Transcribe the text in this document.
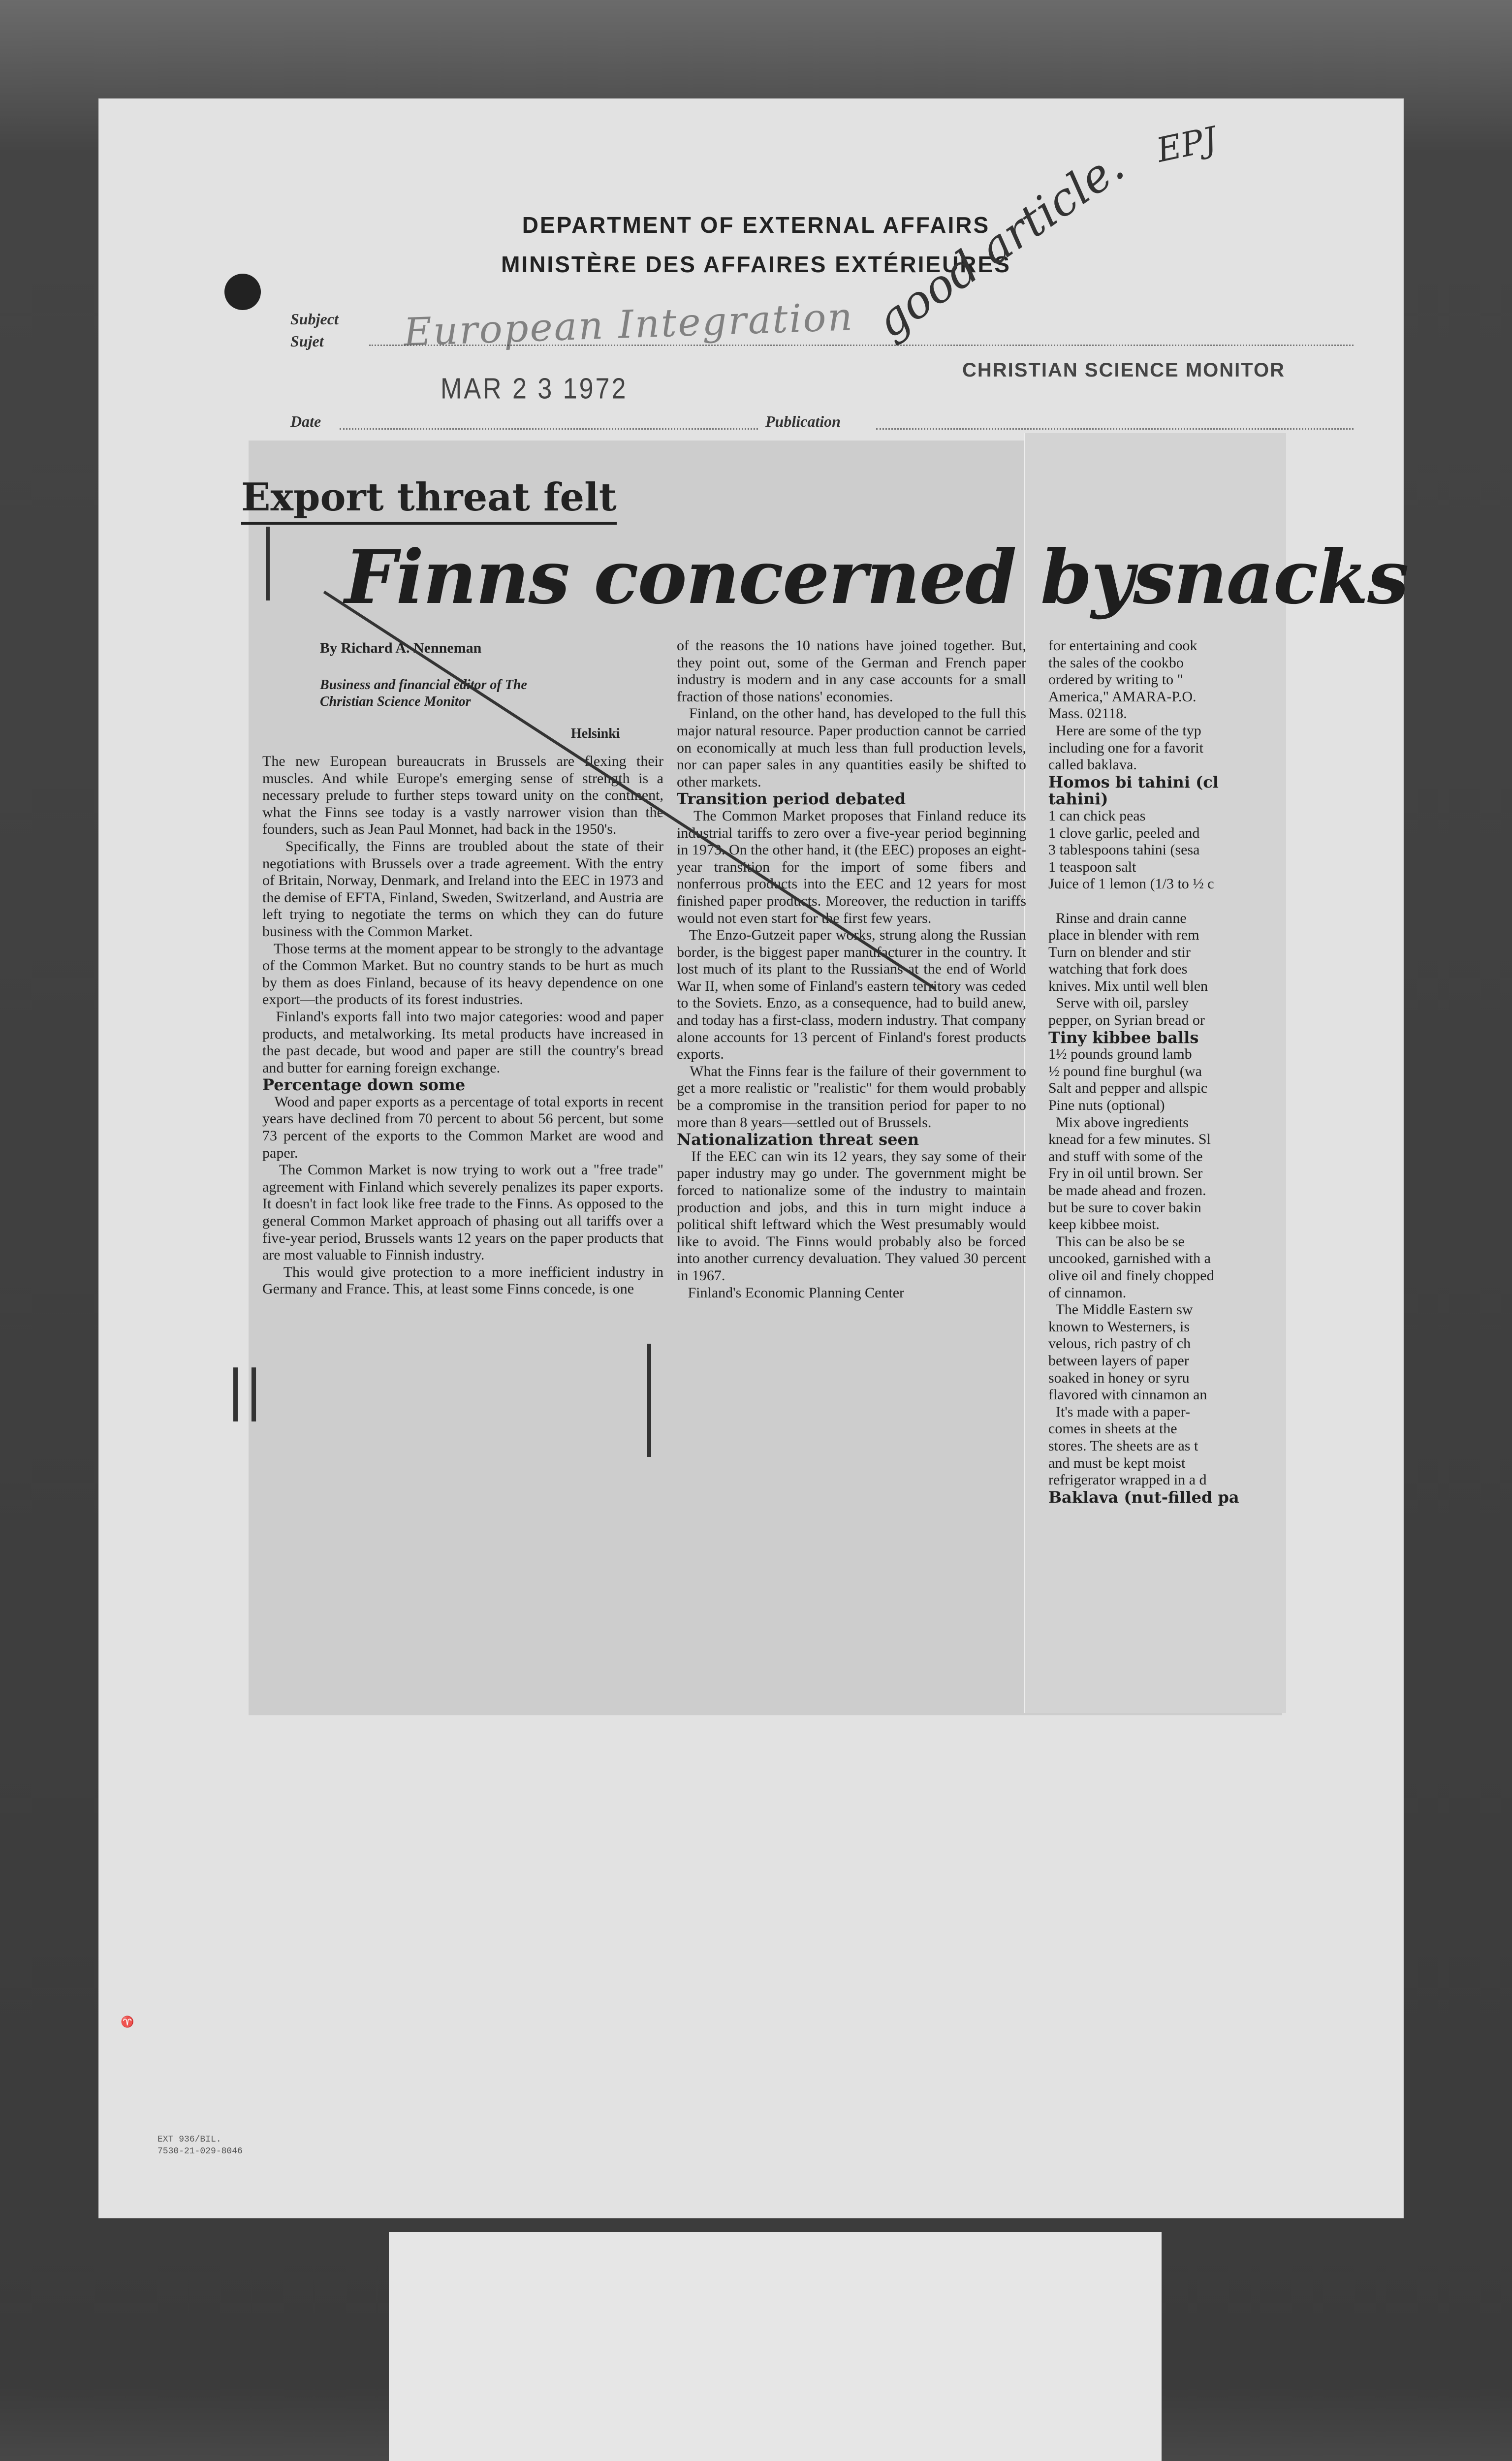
DEPARTMENT OF EXTERNAL AFFAIRS
MINISTÈRE DES AFFAIRES EXTÉRIEURES
Subject
Sujet European Integration
Date
MAR 2 3 1972
Publication
CHRISTIAN SCIENCE MONITOR
good article. EPJ
Export threat felt
Finns concerned bysnacks
By Richard A. Nenneman
Business and financial editor of The Christian Science Monitor
Helsinki
The new European bureaucrats in Brussels are flexing their muscles. And while Europe's emerging sense of strength is a necessary prelude to further steps toward unity on the continent, what the Finns see today is a vastly narrower vision than the founders, such as Jean Paul Monnet, had back in the 1950's.
Specifically, the Finns are troubled about the state of their negotiations with Brussels over a trade agreement. With the entry of Britain, Norway, Denmark, and Ireland into the EEC in 1973 and the demise of EFTA, Finland, Sweden, Switzerland, and Austria are left trying to negotiate the terms on which they can do future business with the Common Market.
Those terms at the moment appear to be strongly to the advantage of the Common Market. But no country stands to be hurt as much by them as does Finland, because of its heavy dependence on one export—the products of its forest industries.
Finland's exports fall into two major categories: wood and paper products, and metalworking. Its metal products have increased in the past decade, but wood and paper are still the country's bread and butter for earning foreign exchange.

Percentage down some
Wood and paper exports as a percentage of total exports in recent years have declined from 70 percent to about 56 percent, but some 73 percent of the exports to the Common Market are wood and paper.
The Common Market is now trying to work out a "free trade" agreement with Finland which severely penalizes its paper exports. It doesn't in fact look like free trade to the Finns. As opposed to the general Common Market approach of phasing out all tariffs over a five-year period, Brussels wants 12 years on the paper products that are most valuable to Finnish industry.
This would give protection to a more inefficient industry in Germany and France. This, at least some Finns concede, is one
of the reasons the 10 nations have joined together. But, they point out, some of the German and French paper industry is modern and in any case accounts for a small fraction of those nations' economies.
Finland, on the other hand, has developed to the full this major natural resource. Paper production cannot be carried on economically at much less than full production levels, nor can paper sales in any quantities easily be shifted to other markets.

Transition period debated
The Common Market proposes that Finland reduce its industrial tariffs to zero over a five-year period beginning in 1973. On the other hand, it (the EEC) proposes an eight-year transition for the import of some fibers and nonferrous products into the EEC and 12 years for most finished paper products. Moreover, the reduction in tariffs would not even start for the first few years.
The Enzo-Gutzeit paper works, strung along the Russian border, is the biggest paper manufacturer in the country. It lost much of its plant to the Russians at the end of World War II, when some of Finland's eastern territory was ceded to the Soviets. Enzo, as a consequence, had to build anew, and today has a first-class, modern industry. That company alone accounts for 13 percent of Finland's forest products exports.
What the Finns fear is the failure of their government to get a more realistic or "realistic" for them would probably be a compromise in the transition period for paper to no more than 8 years—settled out of Brussels.

Nationalization threat seen
If the EEC can win its 12 years, they say some of their paper industry may go under. The government might be forced to nationalize some of the industry to maintain production and jobs, and this in turn might induce a political shift leftward which the West presumably would like to avoid. The Finns would probably also be forced into another currency devaluation. They valued 30 percent in 1967.
Finland's Economic Planning Center
for entertaining and cook
the sales of the cookbo
ordered by writing to "
America," AMARA-P.O.
Mass. 02118.
Here are some of the typ
including one for a favorit
called baklava.

Homos bi tahini (cl
tahini)
1 can chick peas
1 clove garlic, peeled and
3 tablespoons tahini (sesa
1 teaspoon salt
Juice of 1 lemon (1/3 to ½ c

Rinse and drain canne
place in blender with rem
Turn on blender and stir
watching that fork does
knives. Mix until well blen
Serve with oil, parsley
pepper, on Syrian bread or

Tiny kibbee balls
1½ pounds ground lamb
½ pound fine burghul (wa
Salt and pepper and allspic
Pine nuts (optional)
Mix above ingredients
knead for a few minutes. Sl
and stuff with some of the
Fry in oil until brown. Ser
be made ahead and frozen.
but be sure to cover bakin
keep kibbee moist.
This can be also be se
uncooked, garnished with a
olive oil and finely chopped
of cinnamon.
The Middle Eastern sw
known to Westerners, is
velous, rich pastry of ch
between layers of paper
soaked in honey or syru
flavored with cinnamon an
It's made with a paper-
comes in sheets at the
stores. The sheets are as t
and must be kept moist
refrigerator wrapped in a d

Baklava (nut-filled pa
||
♈
EXT 936/BIL.
7530-21-029-8046
